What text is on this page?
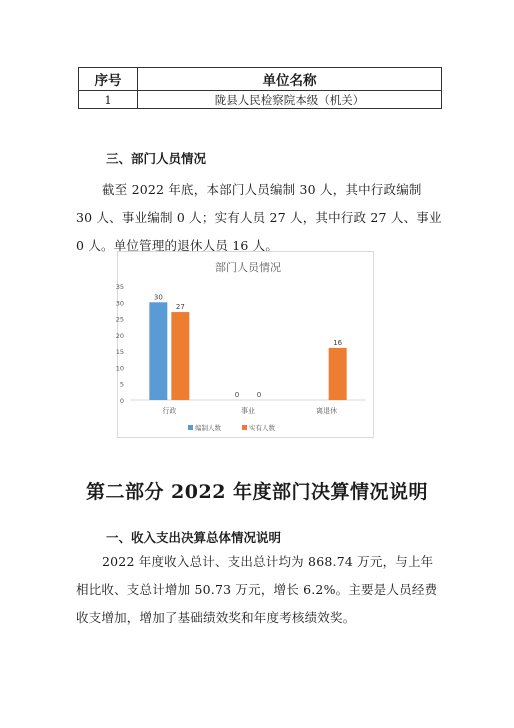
序号	单位名称
1	陇县人民检察院本级（机关）
三、部门人员情况

截至 2022 年底，本部门人员编制 30 人，其中行政编制 30 人、事业编制 0 人；实有人员 27 人，其中行政 27 人、事业 0 人。单位管理的退休人员 16 人。

部门人员情况
0
5
10
15
20
25
30
35
行政
30
27
事业
0	0
离退休
16
编制人数	实有人数
第二部分 2022 年度部门决算情况说明
一、收入支出决算总体情况说明

2022 年度收入总计、支出总计均为 868.74 万元，与上年相比收、支总计增加 50.73 万元，增长 6.2%。主要是人员经费收支增加，增加了基础绩效奖和年度考核绩效奖。
